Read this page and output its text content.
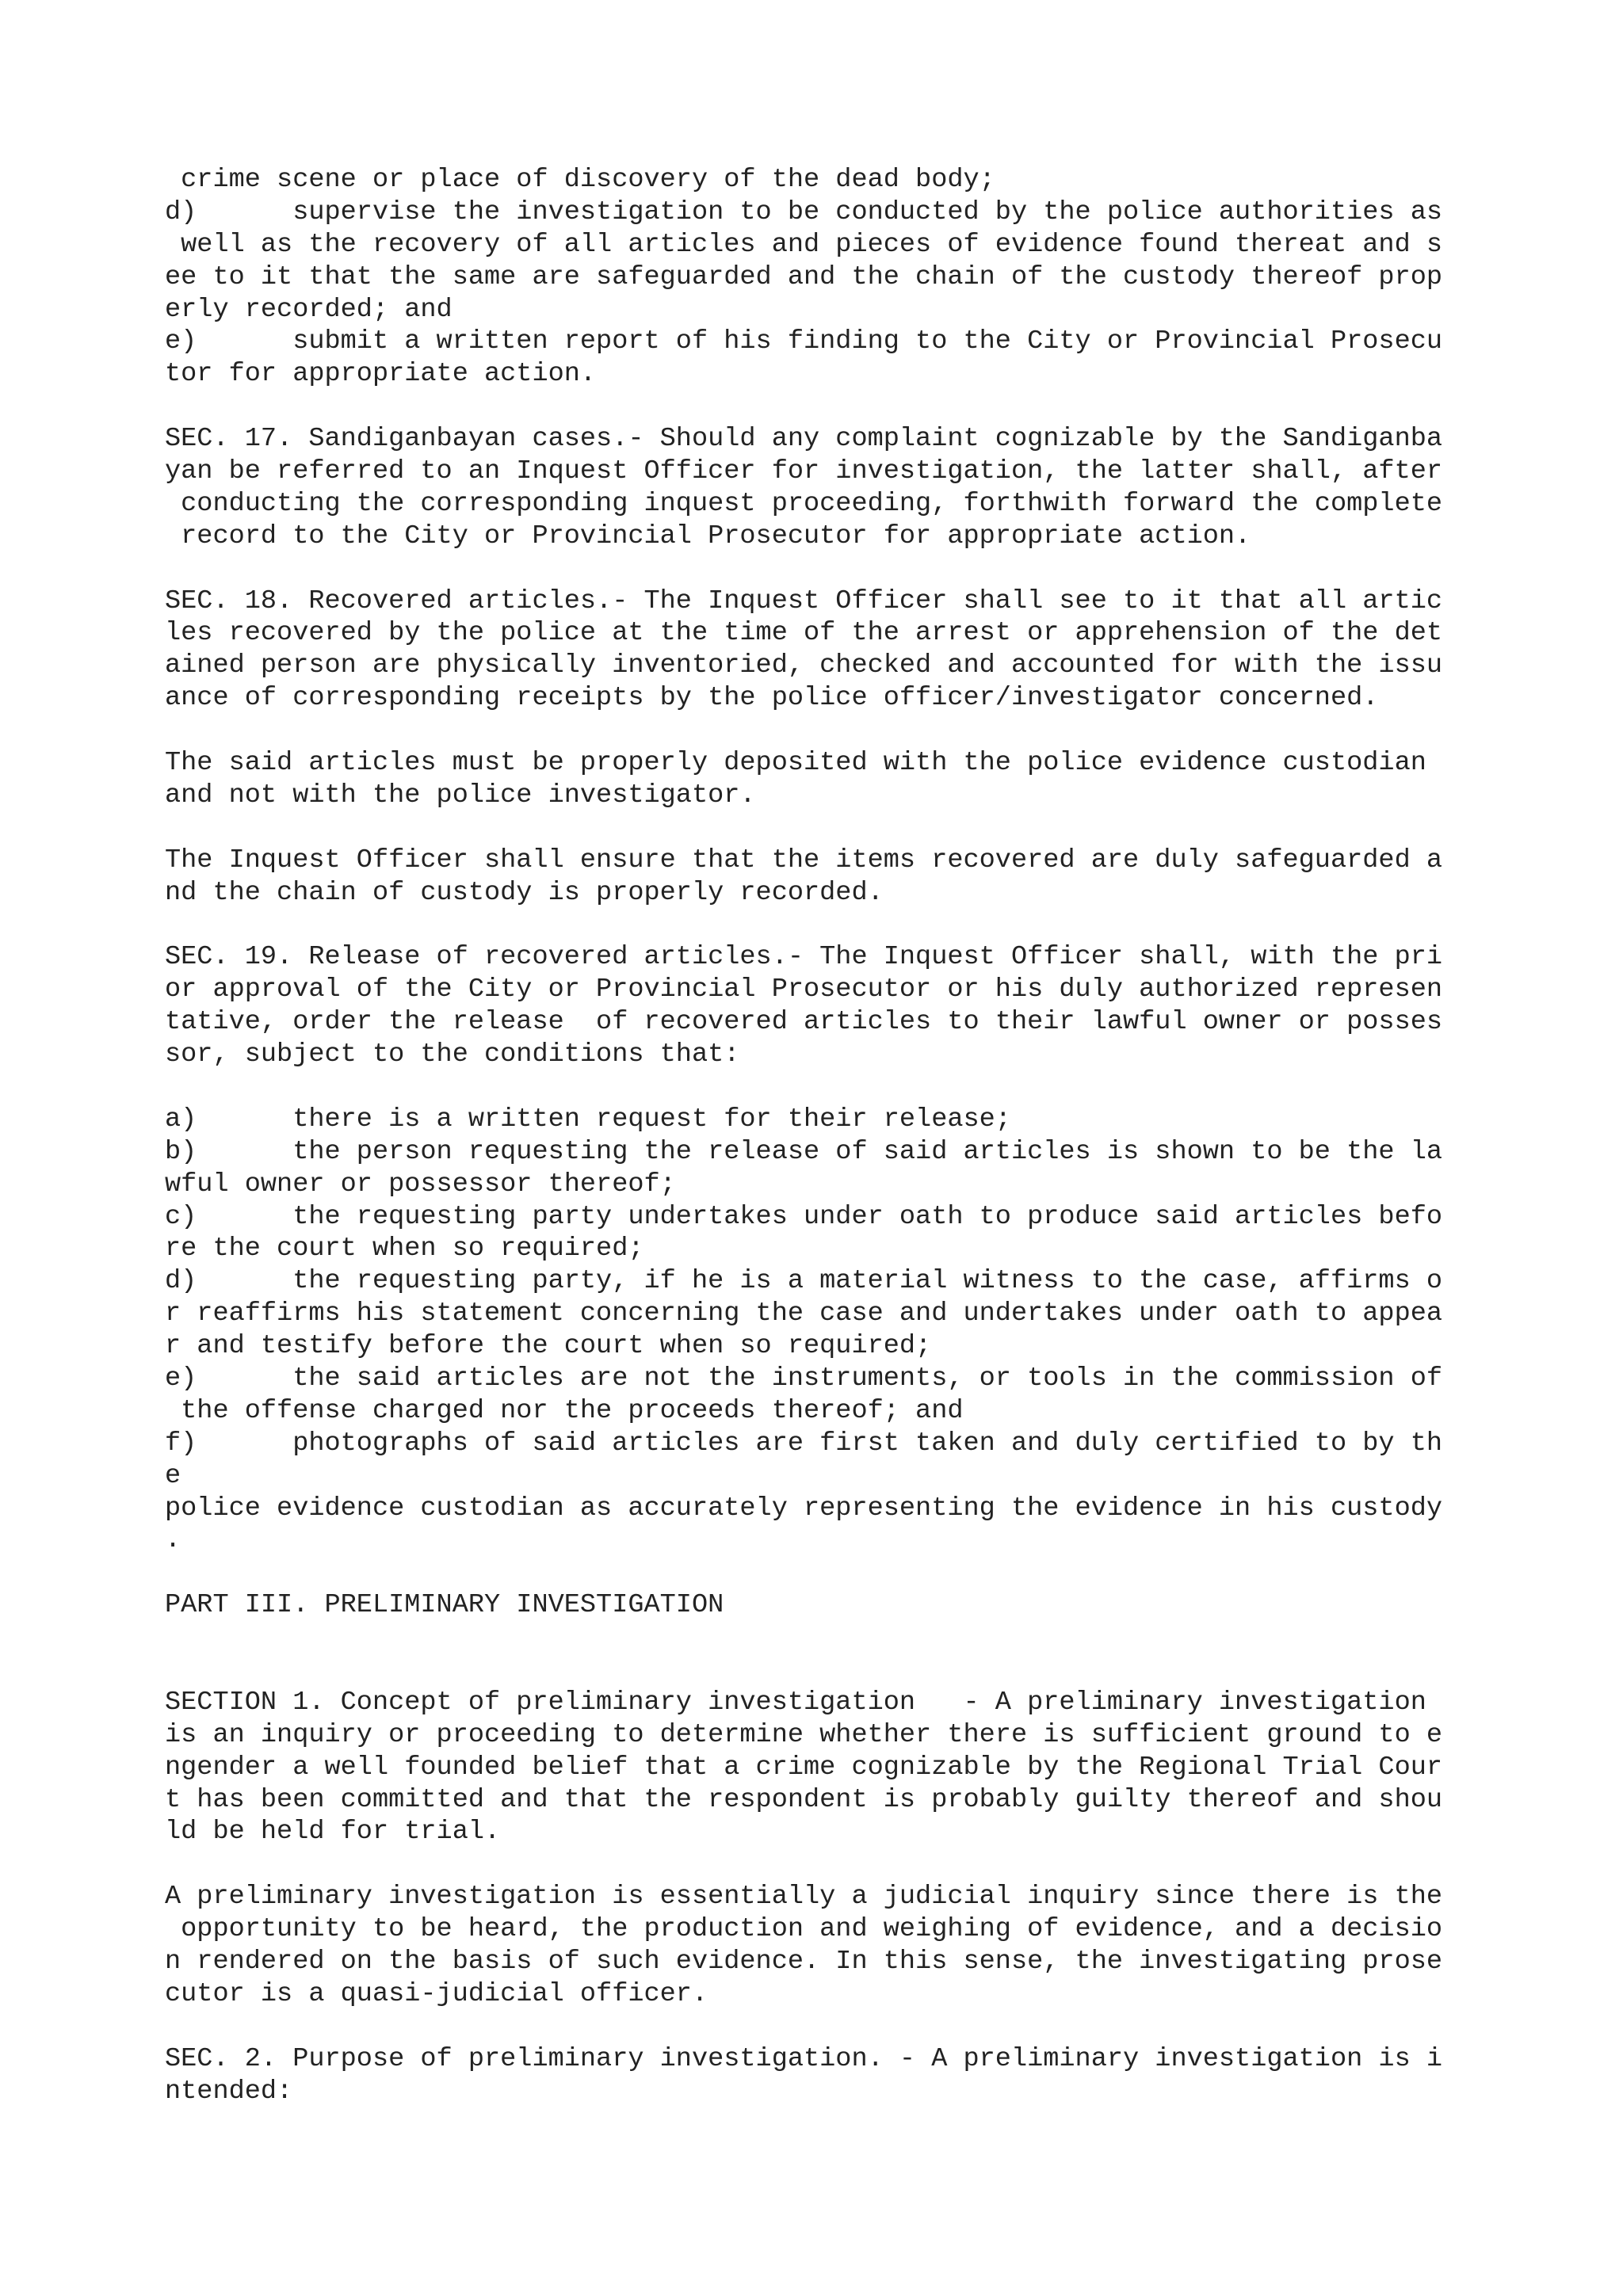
crime scene or place of discovery of the dead body;
d)      supervise the investigation to be conducted by the police authorities as
well as the recovery of all articles and pieces of evidence found thereat and s
ee to it that the same are safeguarded and the chain of the custody thereof prop
erly recorded; and
e)      submit a written report of his finding to the City or Provincial Prosecu
tor for appropriate action.
SEC. 17. Sandiganbayan cases.- Should any complaint cognizable by the Sandiganba
yan be referred to an Inquest Officer for investigation, the latter shall, after
conducting the corresponding inquest proceeding, forthwith forward the complete
record to the City or Provincial Prosecutor for appropriate action.
SEC. 18. Recovered articles.- The Inquest Officer shall see to it that all artic
les recovered by the police at the time of the arrest or apprehension of the det
ained person are physically inventoried, checked and accounted for with the issu
ance of corresponding receipts by the police officer/investigator concerned.
The said articles must be properly deposited with the police evidence custodian
and not with the police investigator.
The Inquest Officer shall ensure that the items recovered are duly safeguarded a
nd the chain of custody is properly recorded.
SEC. 19. Release of recovered articles.- The Inquest Officer shall, with the pri
or approval of the City or Provincial Prosecutor or his duly authorized represen
tative, order the release  of recovered articles to their lawful owner or posses
sor, subject to the conditions that:
a)      there is a written request for their release;
b)      the person requesting the release of said articles is shown to be the la
wful owner or possessor thereof;
c)      the requesting party undertakes under oath to produce said articles befo
re the court when so required;
d)      the requesting party, if he is a material witness to the case, affirms o
r reaffirms his statement concerning the case and undertakes under oath to appea
r and testify before the court when so required;
e)      the said articles are not the instruments, or tools in the commission of
the offense charged nor the proceeds thereof; and
f)      photographs of said articles are first taken and duly certified to by th
e
police evidence custodian as accurately representing the evidence in his custody
.
PART III. PRELIMINARY INVESTIGATION
SECTION 1. Concept of preliminary investigation   - A preliminary investigation
is an inquiry or proceeding to determine whether there is sufficient ground to e
ngender a well founded belief that a crime cognizable by the Regional Trial Cour
t has been committed and that the respondent is probably guilty thereof and shou
ld be held for trial.
A preliminary investigation is essentially a judicial inquiry since there is the
opportunity to be heard, the production and weighing of evidence, and a decisio
n rendered on the basis of such evidence. In this sense, the investigating prose
cutor is a quasi-judicial officer.
SEC. 2. Purpose of preliminary investigation. - A preliminary investigation is i
ntended:
